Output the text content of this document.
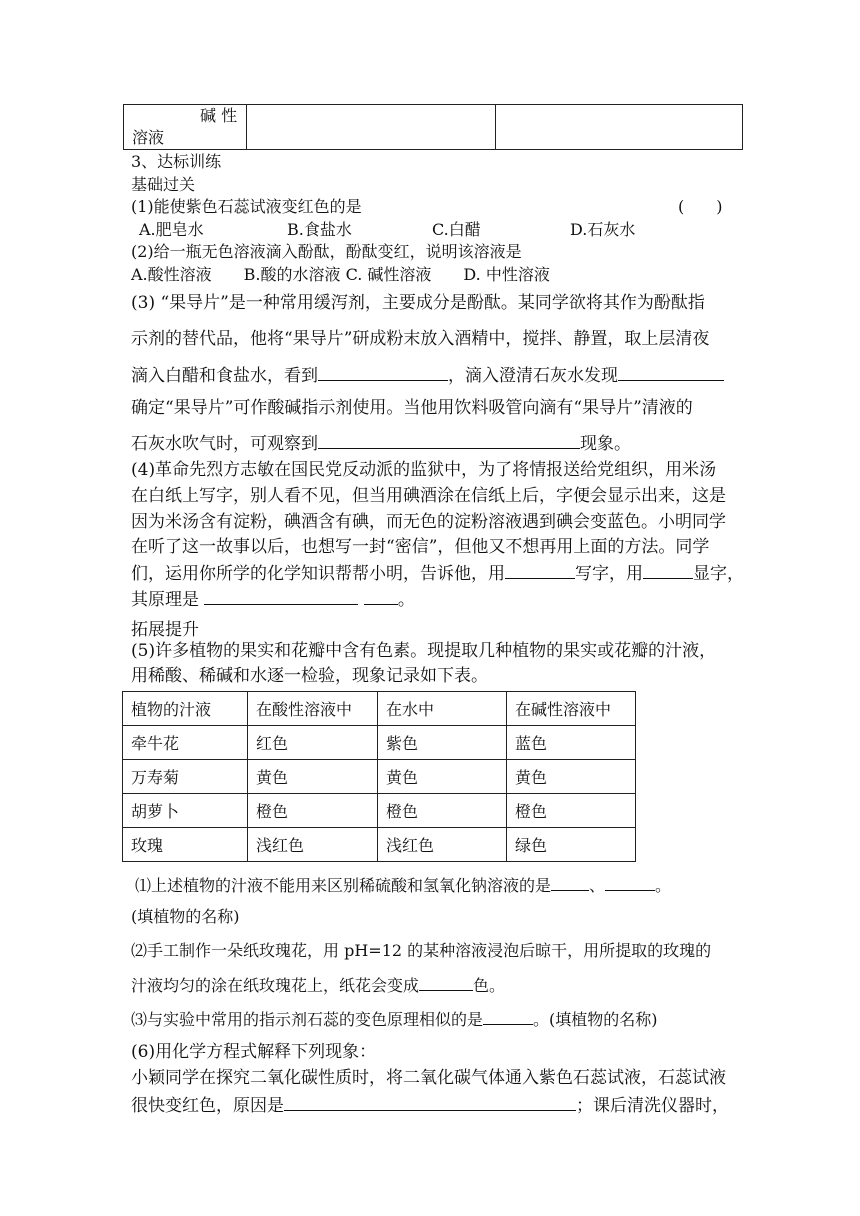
碱 性
溶液

3、达标训练
基础过关
(1)能使紫色石蕊试液变红色的是	(　　)
A.肥皂水	B.食盐水	C.白醋	D.石灰水
(2)给一瓶无色溶液滴入酚酞，酚酞变红，说明该溶液是
A.酸性溶液　　B.酸的水溶液 C. 碱性溶液　　D. 中性溶液
(3) “果导片”是一种常用缓泻剂，主要成分是酚酞。某同学欲将其作为酚酞指
示剂的替代品，他将“果导片”研成粉末放入酒精中，搅拌、静置，取上层清夜
滴入白醋和食盐水，看到	，滴入澄清石灰水发现
确定“果导片”可作酸碱指示剂使用。当他用饮料吸管向滴有“果导片”清液的
石灰水吹气时，可观察到	现象。
(4)革命先烈方志敏在国民党反动派的监狱中，为了将情报送给党组织，用米汤
在白纸上写字，别人看不见，但当用碘酒涂在信纸上后，字便会显示出来，这是
因为米汤含有淀粉，碘酒含有碘，而无色的淀粉溶液遇到碘会变蓝色。小明同学
在听了这一故事以后，也想写一封“密信”，但他又不想再用上面的方法。同学
们，运用你所学的化学知识帮帮小明，告诉他，用	写字，用	显字，
其原理是	。
拓展提升
(5)许多植物的果实和花瓣中含有色素。现提取几种植物的果实或花瓣的汁液，
用稀酸、稀碱和水逐一检验，现象记录如下表。
植物的汁液	在酸性溶液中	在水中	在碱性溶液中
牵牛花	红色	紫色	蓝色
万寿菊	黄色	黄色	黄色
胡萝卜	橙色	橙色	橙色
玫瑰	浅红色	浅红色	绿色
⑴上述植物的汁液不能用来区别稀硫酸和氢氧化钠溶液的是 、	。
(填植物的名称)
⑵手工制作一朵纸玫瑰花，用 pH=12 的某种溶液浸泡后晾干，用所提取的玫瑰的
汁液均匀的涂在纸玫瑰花上，纸花会变成	色。
⑶与实验中常用的指示剂石蕊的变色原理相似的是	。(填植物的名称)
(6)用化学方程式解释下列现象：
小颖同学在探究二氧化碳性质时，将二氧化碳气体通入紫色石蕊试液，石蕊试液
很快变红色，原因是	；课后清洗仪器时，
